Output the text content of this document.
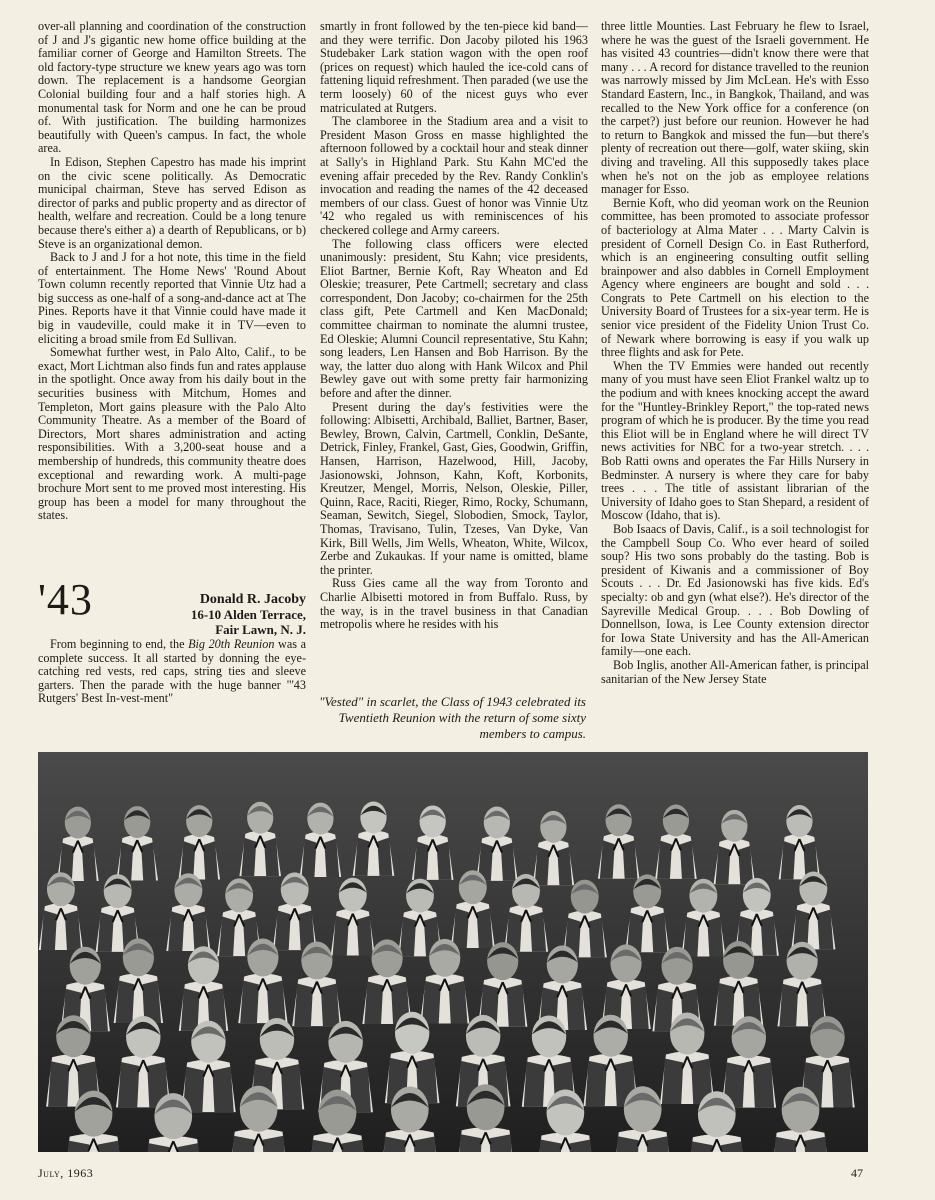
over-all planning and coordination of the construction of J and J's gigantic new home office building at the familiar corner of George and Hamilton Streets. The old factory-type structure we knew years ago was torn down. The replacement is a handsome Georgian Colonial building four and a half stories high. A monumental task for Norm and one he can be proud of. With justification. The building harmonizes beautifully with Queen's campus. In fact, the whole area.

In Edison, Stephen Capestro has made his imprint on the civic scene politically. As Democratic municipal chairman, Steve has served Edison as director of parks and public property and as director of health, welfare and recreation. Could be a long tenure because there's either a) a dearth of Republicans, or b) Steve is an organizational demon.

Back to J and J for a hot note, this time in the field of entertainment. The Home News' 'Round About Town column recently reported that Vinnie Utz had a big success as one-half of a song-and-dance act at The Pines. Reports have it that Vinnie could have made it big in vaudeville, could make it in TV—even to eliciting a broad smile from Ed Sullivan.

Somewhat further west, in Palo Alto, Calif., to be exact, Mort Lichtman also finds fun and rates applause in the spotlight. Once away from his daily bout in the securities business with Mitchum, Homes and Templeton, Mort gains pleasure with the Palo Alto Community Theatre. As a member of the Board of Directors, Mort shares administration and acting responsibilities. With a 3,200-seat house and a membership of hundreds, this community theatre does exceptional and rewarding work. A multi-page brochure Mort sent to me proved most interesting. His group has been a model for many throughout the states.

'43	Donald R. Jacoby
16-10 Alden Terrace,
Fair Lawn, N. J.

From beginning to end, the Big 20th Reunion was a complete success. It all started by donning the eye-catching red vests, red caps, string ties and sleeve garters. Then the parade with the huge banner "'43 Rutgers' Best In-vest-ment"

smartly in front followed by the ten-piece kid band—and they were terrific. Don Jacoby piloted his 1963 Studebaker Lark station wagon with the open roof (prices on request) which hauled the ice-cold cans of fattening liquid refreshment. Then paraded (we use the term loosely) 60 of the nicest guys who ever matriculated at Rutgers.

The clamboree in the Stadium area and a visit to President Mason Gross en masse highlighted the afternoon followed by a cocktail hour and steak dinner at Sally's in Highland Park. Stu Kahn MC'ed the evening affair preceded by the Rev. Randy Conklin's invocation and reading the names of the 42 deceased members of our class. Guest of honor was Vinnie Utz '42 who regaled us with reminiscences of his checkered college and Army careers.

The following class officers were elected unanimously: president, Stu Kahn; vice presidents, Eliot Bartner, Bernie Koft, Ray Wheaton and Ed Oleskie; treasurer, Pete Cartmell; secretary and class correspondent, Don Jacoby; co-chairmen for the 25th class gift, Pete Cartmell and Ken MacDonald; committee chairman to nominate the alumni trustee, Ed Oleskie; Alumni Council representative, Stu Kahn; song leaders, Len Hansen and Bob Harrison. By the way, the latter duo along with Hank Wilcox and Phil Bewley gave out with some pretty fair harmonizing before and after the dinner.

Present during the day's festivities were the following: Albisetti, Archibald, Balliet, Bartner, Baser, Bewley, Brown, Calvin, Cartmell, Conklin, DeSante, Detrick, Finley, Frankel, Gast, Gies, Goodwin, Griffin, Hansen, Harrison, Hazelwood, Hill, Jacoby, Jasionowski, Johnson, Kahn, Koft, Korbonits, Kreutzer, Mengel, Morris, Nelson, Oleskie, Piller, Quinn, Race, Raciti, Rieger, Rimo, Rocky, Schumann, Seaman, Sewitch, Siegel, Slobodien, Smock, Taylor, Thomas, Travisano, Tulin, Tzeses, Van Dyke, Van Kirk, Bill Wells, Jim Wells, Wheaton, White, Wilcox, Zerbe and Zukaukas. If your name is omitted, blame the printer.

Russ Gies came all the way from Toronto and Charlie Albisetti motored in from Buffalo. Russ, by the way, is in the travel business in that Canadian metropolis where he resides with his

"Vested" in scarlet, the Class of 1943 celebrated its Twentieth Reunion with the return of some sixty members to campus.

three little Mounties. Last February he flew to Israel, where he was the guest of the Israeli government. He has visited 43 countries—didn't know there were that many . . . A record for distance travelled to the reunion was narrowly missed by Jim McLean. He's with Esso Standard Eastern, Inc., in Bangkok, Thailand, and was recalled to the New York office for a conference (on the carpet?) just before our reunion. However he had to return to Bangkok and missed the fun—but there's plenty of recreation out there—golf, water skiing, skin diving and traveling. All this supposedly takes place when he's not on the job as employee relations manager for Esso.

Bernie Koft, who did yeoman work on the Reunion committee, has been promoted to associate professor of bacteriology at Alma Mater . . . Marty Calvin is president of Cornell Design Co. in East Rutherford, which is an engineering consulting outfit selling brainpower and also dabbles in Cornell Employment Agency where engineers are bought and sold . . . Congrats to Pete Cartmell on his election to the University Board of Trustees for a six-year term. He is senior vice president of the Fidelity Union Trust Co. of Newark where borrowing is easy if you walk up three flights and ask for Pete.

When the TV Emmies were handed out recently many of you must have seen Eliot Frankel waltz up to the podium and with knees knocking accept the award for the "Huntley-Brinkley Report," the top-rated news program of which he is producer. By the time you read this Eliot will be in England where he will direct TV news activities for NBC for a two-year stretch. . . . Bob Ratti owns and operates the Far Hills Nursery in Bedminster. A nursery is where they care for baby trees . . . The title of assistant librarian of the University of Idaho goes to Stan Shepard, a resident of Moscow (Idaho, that is).

Bob Isaacs of Davis, Calif., is a soil technologist for the Campbell Soup Co. Who ever heard of soiled soup? His two sons probably do the tasting. Bob is president of Kiwanis and a commissioner of Boy Scouts . . . Dr. Ed Jasionowski has five kids. Ed's specialty: ob and gyn (what else?). He's director of the Sayreville Medical Group. . . . Bob Dowling of Donnellson, Iowa, is Lee County extension director for Iowa State University and has the All-American family—one each.

Bob Inglis, another All-American father, is principal sanitarian of the New Jersey State

July, 1963	47
